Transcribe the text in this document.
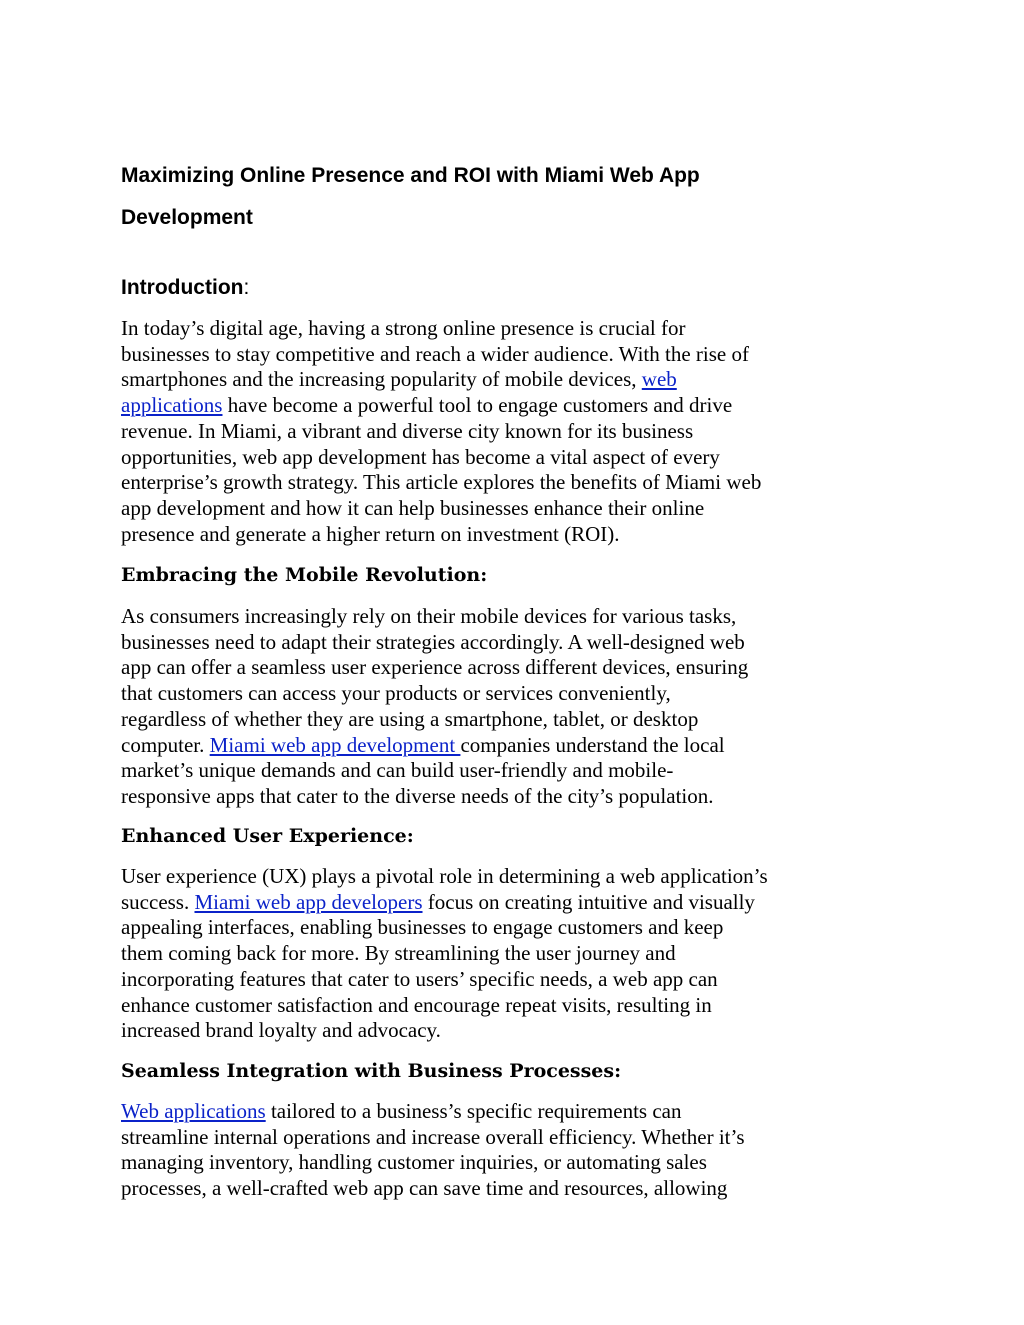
Maximizing Online Presence and ROI with Miami Web App
Development
Introduction:
In today’s digital age, having a strong online presence is crucial for
businesses to stay competitive and reach a wider audience. With the rise of
smartphones and the increasing popularity of mobile devices, web
applications have become a powerful tool to engage customers and drive
revenue. In Miami, a vibrant and diverse city known for its business
opportunities, web app development has become a vital aspect of every
enterprise’s growth strategy. This article explores the benefits of Miami web
app development and how it can help businesses enhance their online
presence and generate a higher return on investment (ROI).
Embracing the Mobile Revolution:
As consumers increasingly rely on their mobile devices for various tasks,
businesses need to adapt their strategies accordingly. A well-designed web
app can offer a seamless user experience across different devices, ensuring
that customers can access your products or services conveniently,
regardless of whether they are using a smartphone, tablet, or desktop
computer. Miami web app development companies understand the local
market’s unique demands and can build user-friendly and mobile-
responsive apps that cater to the diverse needs of the city’s population.
Enhanced User Experience:
User experience (UX) plays a pivotal role in determining a web application’s
success. Miami web app developers focus on creating intuitive and visually
appealing interfaces, enabling businesses to engage customers and keep
them coming back for more. By streamlining the user journey and
incorporating features that cater to users’ specific needs, a web app can
enhance customer satisfaction and encourage repeat visits, resulting in
increased brand loyalty and advocacy.
Seamless Integration with Business Processes:
Web applications tailored to a business’s specific requirements can
streamline internal operations and increase overall efficiency. Whether it’s
managing inventory, handling customer inquiries, or automating sales
processes, a well-crafted web app can save time and resources, allowing
